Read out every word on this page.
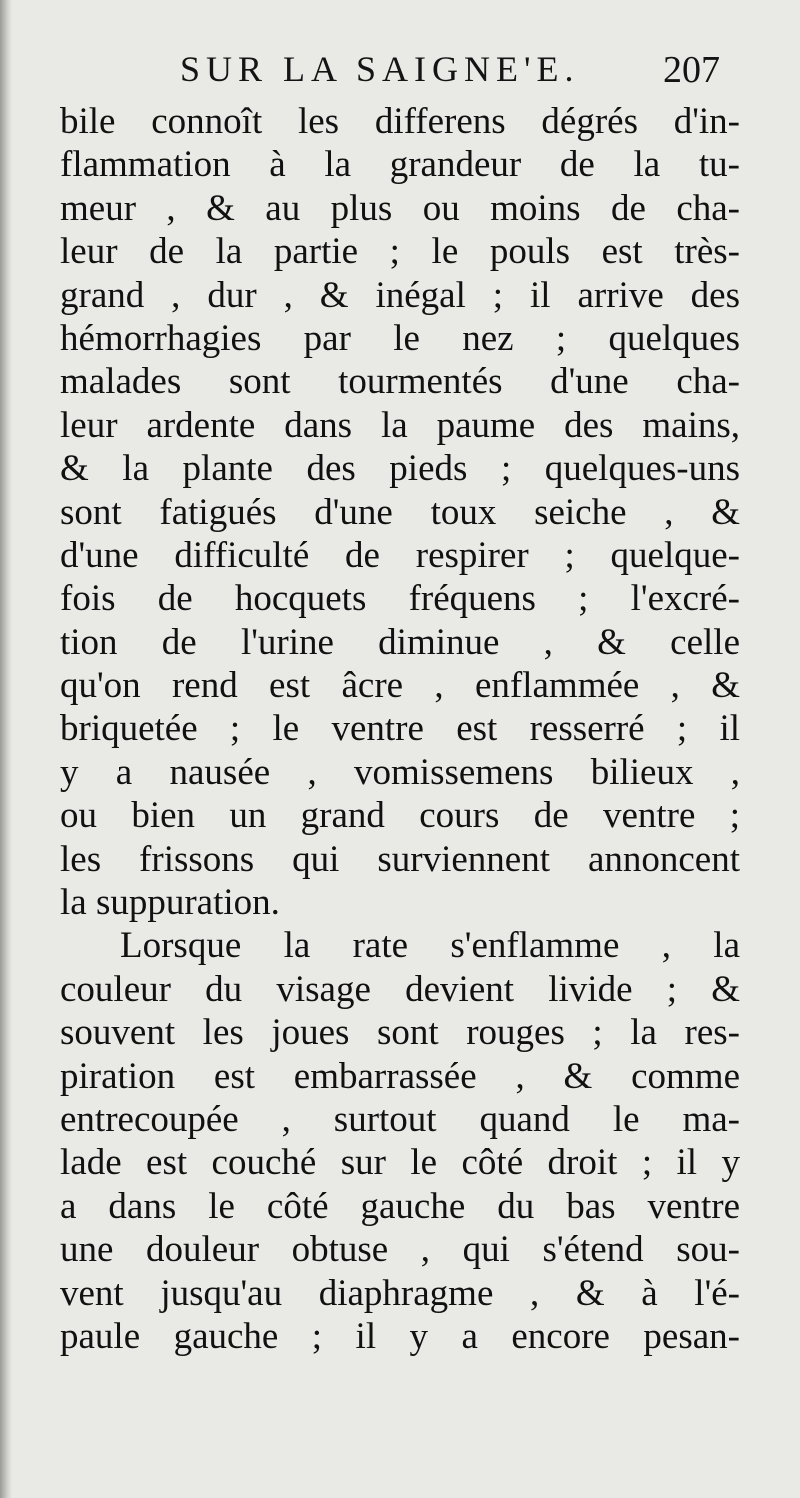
SUR LA SAIGNE'E. 207
bile connoît les differens dégrés d'in-
flammation à la grandeur de la tu-
meur , & au plus ou moins de cha-
leur de la partie ; le pouls est très-
grand , dur , & inégal ; il arrive des
hémorrhagies par le nez ; quelques
malades sont tourmentés d'une cha-
leur ardente dans la paume des mains,
& la plante des pieds ; quelques-uns
sont fatigués d'une toux seiche , &
d'une difficulté de respirer ; quelque-
fois de hocquets fréquens ; l'excré-
tion de l'urine diminue , & celle
qu'on rend est âcre , enflammée , &
briquetée ; le ventre est resserré ; il
y a nausée , vomissemens bilieux ,
ou bien un grand cours de ventre ;
les frissons qui surviennent annoncent
la suppuration.
Lorsque la rate s'enflamme , la
couleur du visage devient livide ; &
souvent les joues sont rouges ; la res-
piration est embarrassée , & comme
entrecoupée , surtout quand le ma-
lade est couché sur le côté droit ; il y
a dans le côté gauche du bas ventre
une douleur obtuse , qui s'étend sou-
vent jusqu'au diaphragme , & à l'é-
paule gauche ; il y a encore pesan-
